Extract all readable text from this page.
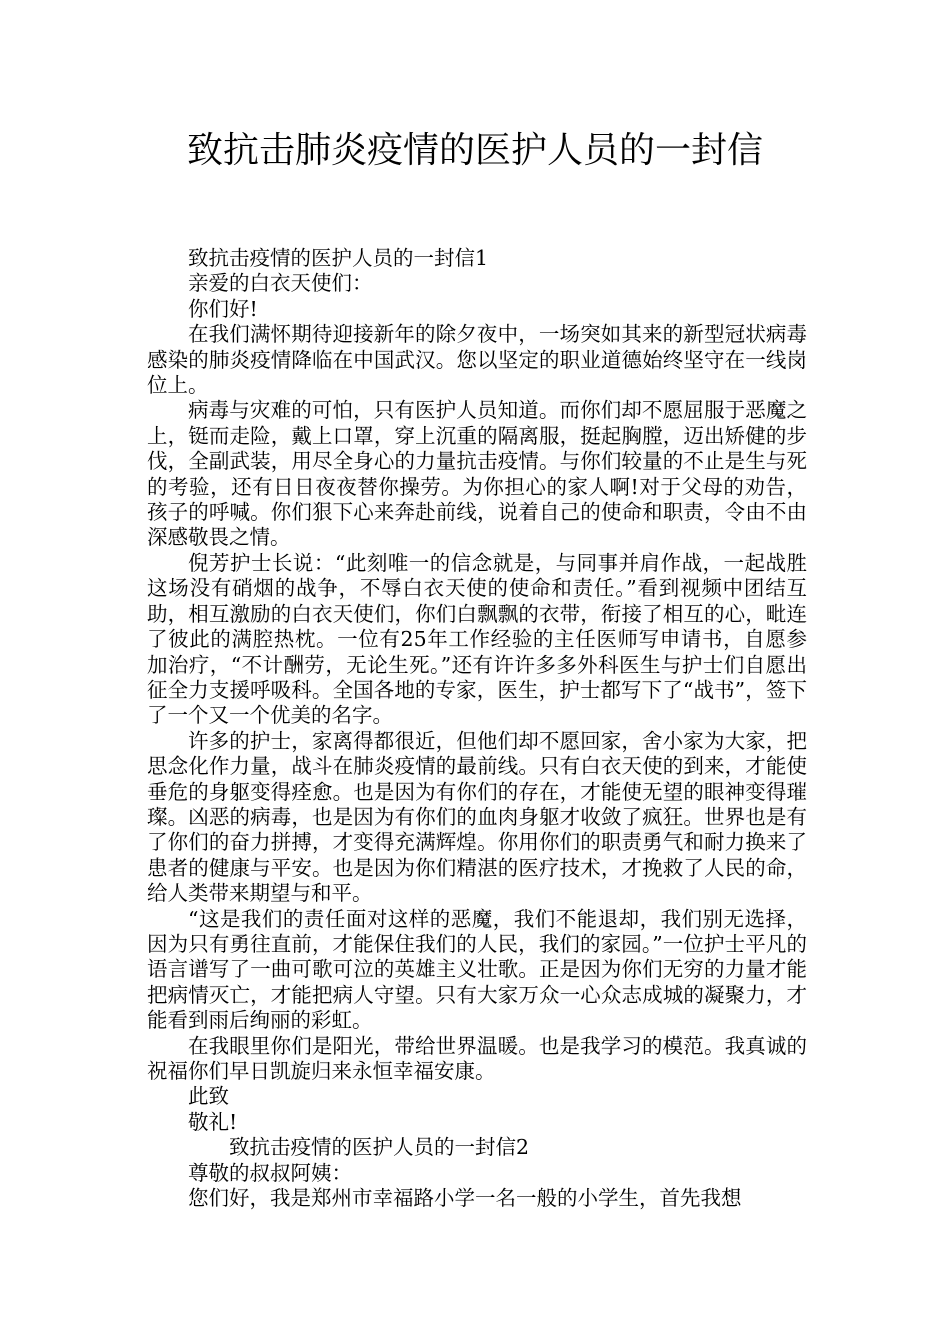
致抗击肺炎疫情的医护人员的一封信

致抗击疫情的医护人员的一封信1

亲爱的白衣天使们：

你们好!

在我们满怀期待迎接新年的除夕夜中，一场突如其来的新型冠状病毒感染的肺炎疫情降临在中国武汉。您以坚定的职业道德始终坚守在一线岗位上。

病毒与灾难的可怕，只有医护人员知道。而你们却不愿屈服于恶魔之上，铤而走险，戴上口罩，穿上沉重的隔离服，挺起胸膛，迈出矫健的步伐，全副武装，用尽全身心的力量抗击疫情。与你们较量的不止是生与死的考验，还有日日夜夜替你操劳。为你担心的家人啊!对于父母的劝告，孩子的呼喊。你们狠下心来奔赴前线，说着自己的使命和职责，令由不由深感敬畏之情。

倪芳护士长说：“此刻唯一的信念就是，与同事并肩作战，一起战胜这场没有硝烟的战争，不辱白衣天使的使命和责任。”看到视频中团结互助，相互激励的白衣天使们，你们白飘飘的衣带，衔接了相互的心，毗连了彼此的满腔热枕。一位有25年工作经验的主任医师写申请书，自愿参加治疗，“不计酬劳，无论生死。”还有许许多多外科医生与护士们自愿出征全力支援呼吸科。全国各地的专家，医生，护士都写下了“战书”，签下了一个又一个优美的名字。

许多的护士，家离得都很近，但他们却不愿回家，舍小家为大家，把思念化作力量，战斗在肺炎疫情的最前线。只有白衣天使的到来，才能使垂危的身躯变得痊愈。也是因为有你们的存在，才能使无望的眼神变得璀璨。凶恶的病毒，也是因为有你们的血肉身躯才收敛了疯狂。世界也是有了你们的奋力拼搏，才变得充满辉煌。你用你们的职责勇气和耐力换来了患者的健康与平安。也是因为你们精湛的医疗技术，才挽救了人民的命，给人类带来期望与和平。

“这是我们的责任面对这样的恶魔，我们不能退却，我们别无选择，因为只有勇往直前，才能保住我们的人民，我们的家园。”一位护士平凡的语言谱写了一曲可歌可泣的英雄主义壮歌。正是因为你们无穷的力量才能把病情灭亡，才能把病人守望。只有大家万众一心众志成城的凝聚力，才能看到雨后绚丽的彩虹。

在我眼里你们是阳光，带给世界温暖。也是我学习的模范。我真诚的祝福你们早日凯旋归来永恒幸福安康。

此致

敬礼!

致抗击疫情的医护人员的一封信2

尊敬的叔叔阿姨：

您们好，我是郑州市幸福路小学一名一般的小学生，首先我想
